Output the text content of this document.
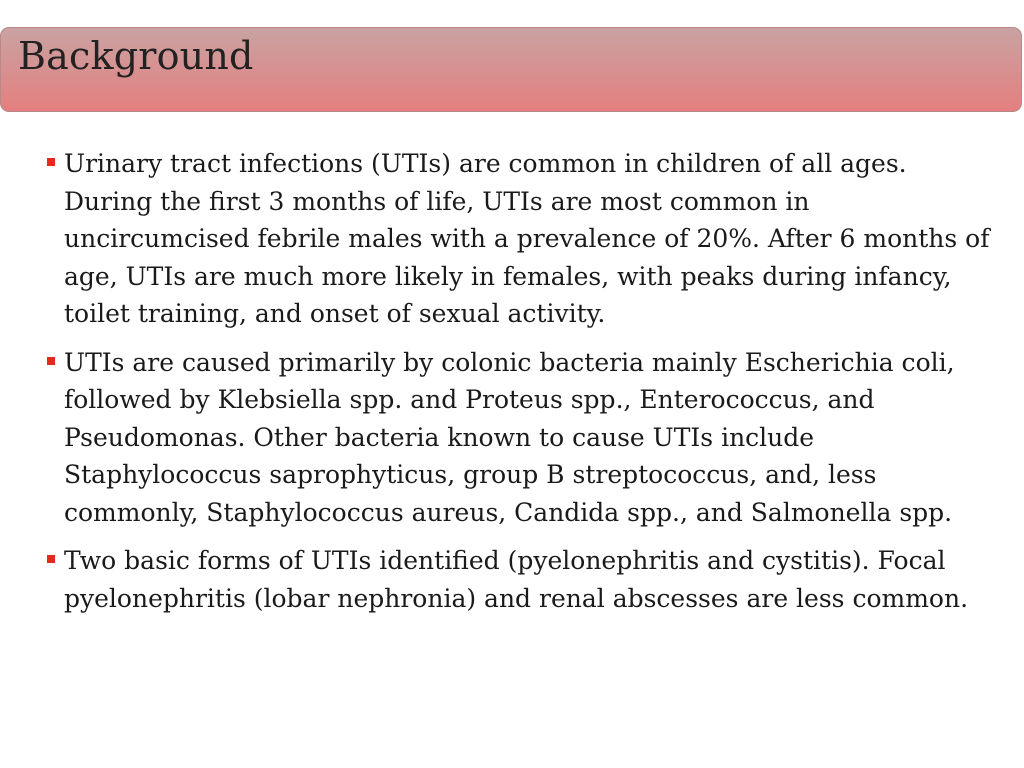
Background
Urinary tract infections (UTIs) are common in children of all ages. During the first 3 months of life, UTIs are most common in uncircumcised febrile males with a prevalence of 20%. After 6 months of age, UTIs are much more likely in females, with peaks during infancy, toilet training, and onset of sexual activity.
UTIs are caused primarily by colonic bacteria mainly Escherichia coli, followed by Klebsiella spp. and Proteus spp., Enterococcus, and Pseudomonas. Other bacteria known to cause UTIs include Staphylococcus saprophyticus, group B streptococcus, and, less commonly, Staphylococcus aureus, Candida spp., and Salmonella spp.
Two basic forms of UTIs identified (pyelonephritis and cystitis). Focal pyelonephritis (lobar nephronia) and renal abscesses are less common.
